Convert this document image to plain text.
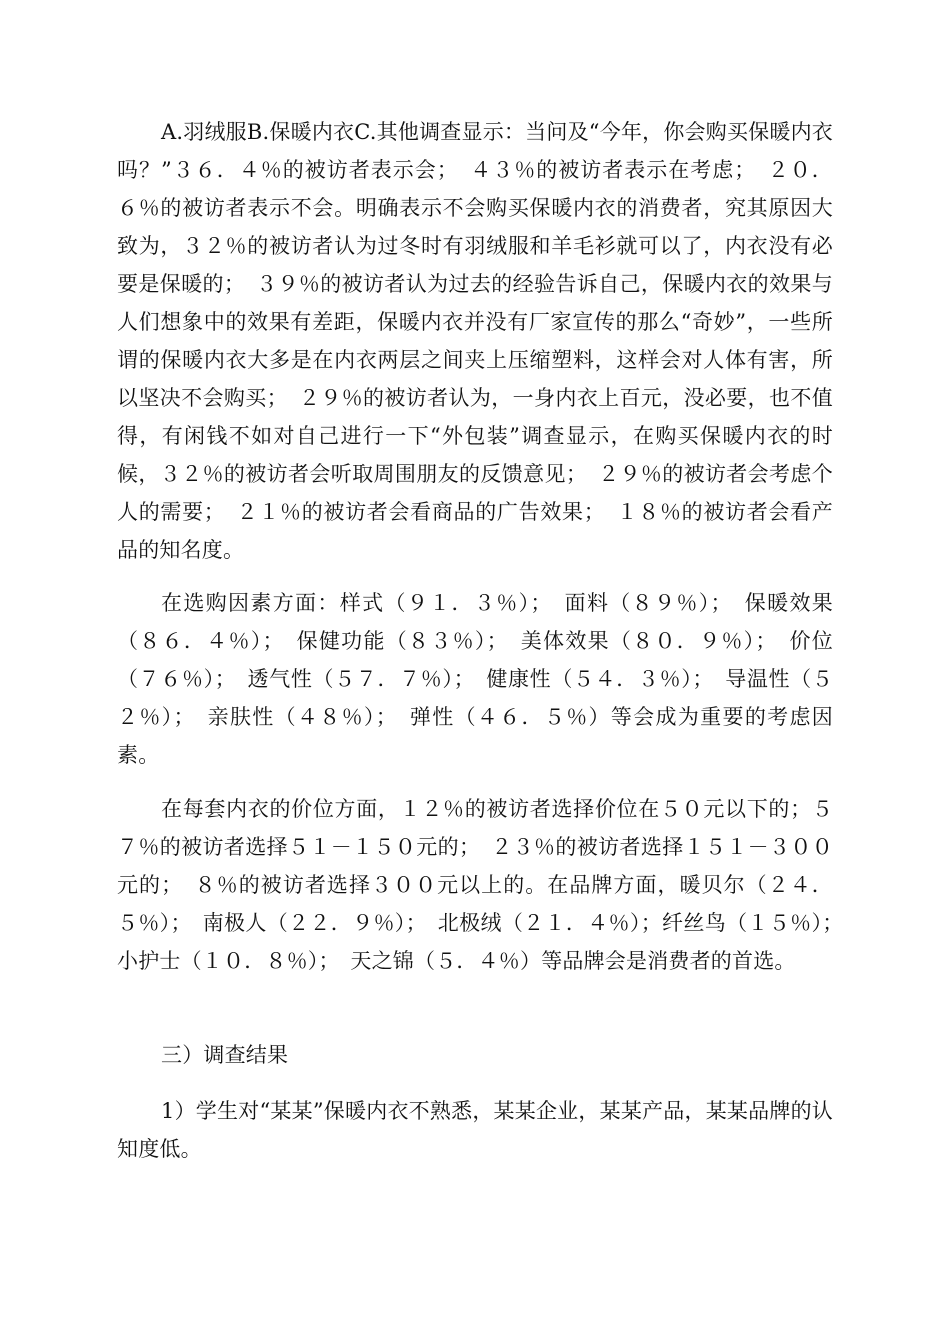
A.羽绒服B.保暖内衣C.其他调查显示：当问及“今年，你会购买保暖内衣吗？”３６．４％的被访者表示会；　４３％的被访者表示在考虑；　２０．６％的被访者表示不会。明确表示不会购买保暖内衣的消费者，究其原因大致为，３２％的被访者认为过冬时有羽绒服和羊毛衫就可以了，内衣没有必要是保暖的；　３９％的被访者认为过去的经验告诉自己，保暖内衣的效果与人们想象中的效果有差距，保暖内衣并没有厂家宣传的那么“奇妙”，一些所谓的保暖内衣大多是在内衣两层之间夹上压缩塑料，这样会对人体有害，所以坚决不会购买；　２９％的被访者认为，一身内衣上百元，没必要，也不值得，有闲钱不如对自己进行一下“外包装”调查显示，在购买保暖内衣的时候，３２％的被访者会听取周围朋友的反馈意见；　２９％的被访者会考虑个人的需要；　２１％的被访者会看商品的广告效果；　１８％的被访者会看产品的知名度。

在选购因素方面：样式（９１．３％）；　面料（８９％）；　保暖效果（８６．４％）；　保健功能（８３％）；　美体效果（８０．９％）；　价位（７６％）；　透气性（５７．７％）；　健康性（５４．３％）；　导温性（５２％）；　亲肤性（４８％）；　弹性（４６．５％）等会成为重要的考虑因素。

在每套内衣的价位方面，１２％的被访者选择价位在５０元以下的；５７％的被访者选择５１－１５０元的；　２３％的被访者选择１５１－３００元的；　８％的被访者选择３００元以上的。在品牌方面，暖贝尔（２４．５％）；　南极人（２２．９％）；　北极绒（２１．４％）；纤丝鸟（１５％）；　小护士（１０．８％）；　天之锦（５．４％）等品牌会是消费者的首选。

三）调查结果

1）学生对“某某”保暖内衣不熟悉，某某企业，某某产品，某某品牌的认知度低。
